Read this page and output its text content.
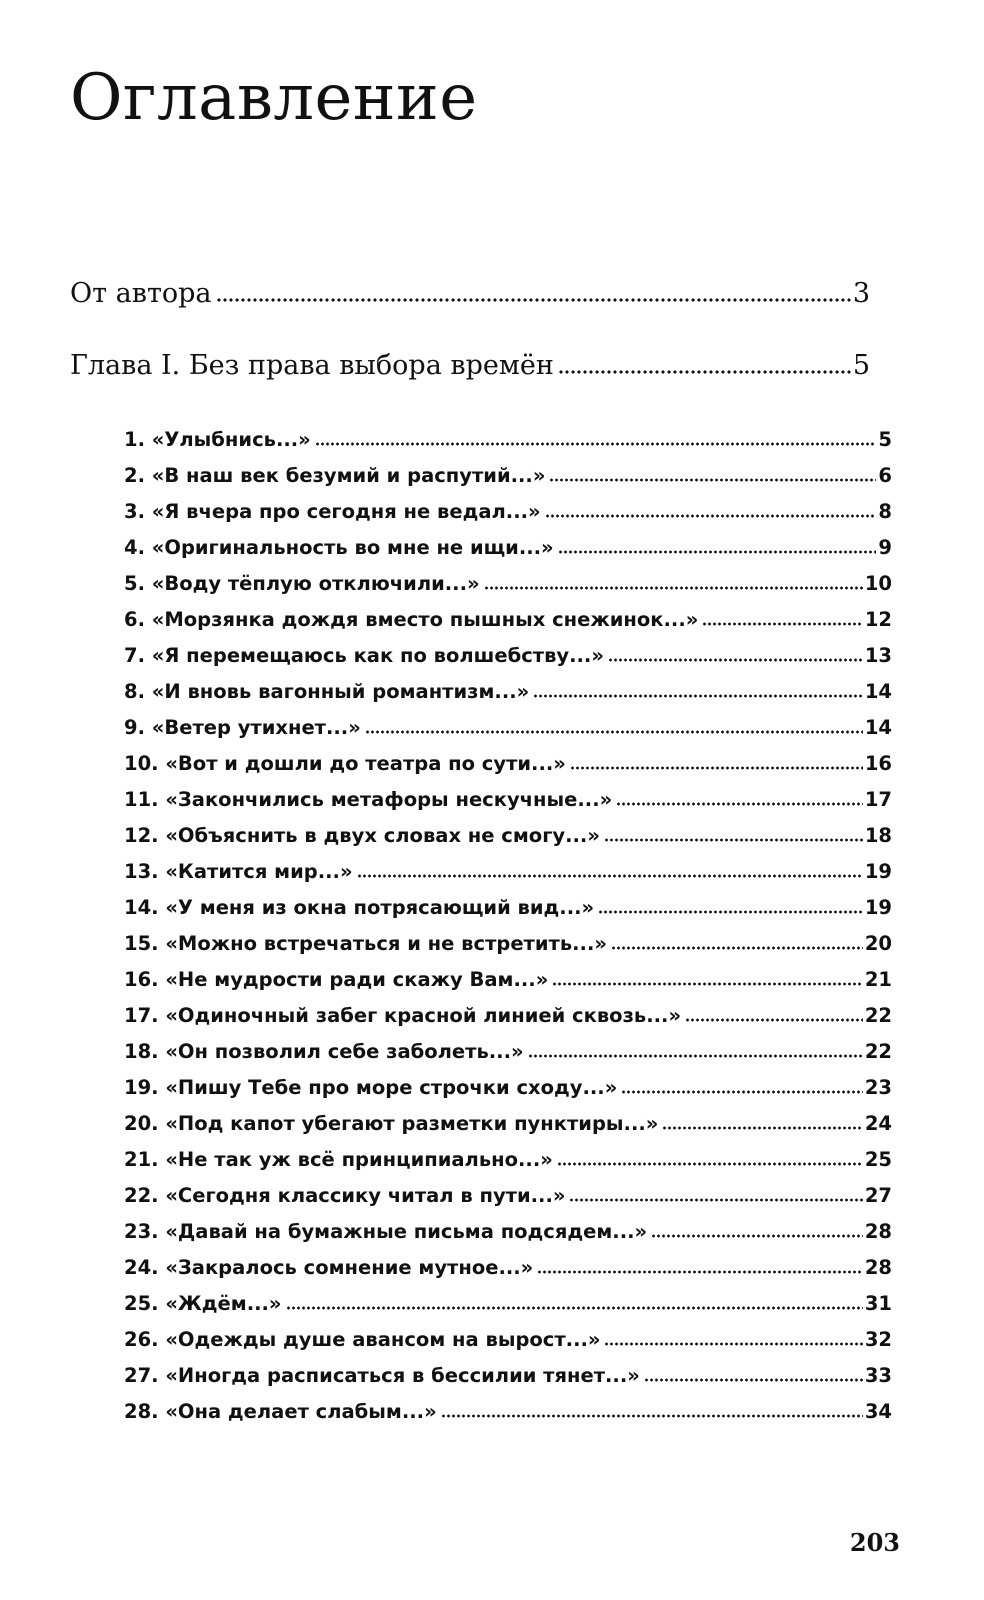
Оглавление
От автора	3
Глава I. Без права выбора времён	5
1. «Улыбнись...»	5
2. «В наш век безумий и распутий...»	6
3. «Я вчера про сегодня не ведал...»	8
4. «Оригинальность во мне не ищи...»	9
5. «Воду тёплую отключили...»	10
6. «Морзянка дождя вместо пышных снежинок...»	12
7. «Я перемещаюсь как по волшебству...»	13
8. «И вновь вагонный романтизм...»	14
9. «Ветер утихнет...»	14
10. «Вот и дошли до театра по сути...»	16
11. «Закончились метафоры нескучные...»	17
12. «Объяснить в двух словах не смогу...»	18
13. «Катится мир...»	19
14. «У меня из окна потрясающий вид...»	19
15. «Можно встречаться и не встретить...»	20
16. «Не мудрости ради скажу Вам...»	21
17. «Одиночный забег красной линией сквозь...»	22
18. «Он позволил себе заболеть...»	22
19. «Пишу Тебе про море строчки сходу...»	23
20. «Под капот убегают разметки пунктиры...»	24
21. «Не так уж всё принципиально...»	25
22. «Сегодня классику читал в пути...»	27
23. «Давай на бумажные письма подсядем...»	28
24. «Закралось сомнение мутное...»	28
25. «Ждём...»	31
26. «Одежды душе авансом на вырост...»	32
27. «Иногда расписаться в бессилии тянет...»	33
28. «Она делает слабым...»	34
203
